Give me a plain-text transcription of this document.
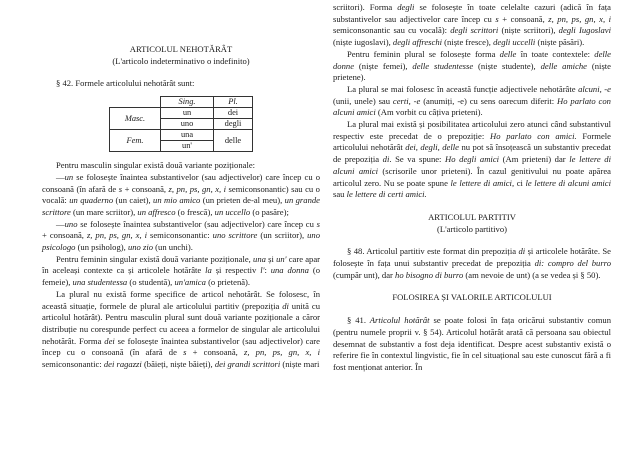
ARTICOLUL NEHOTĂRÂT

(L'articolo indeterminativo o indefinito)

§ 42. Formele articolului nehotărât sunt:

	Sing.	Pl.
Masc.	un	dei
	uno	degli
Fem.	una	delle
	un'	

Pentru masculin singular există două variante poziționale:

—un se folosește înaintea substantivelor (sau adjectivelor) care încep cu o consoană (în afară de s + consoană, z, pn, ps, gn, x, i semiconsonantic) sau cu o vocală: un quaderno (un caiet), un mio amico (un prieten de-al meu), un grande scrittore (un mare scriitor), un affresco (o frescă), un uccello (o pasăre);

—uno se folosește înaintea substantivelor (sau adjectivelor) care încep cu s + consoană, z, pn, ps, gn, x, i semiconsonantic: uno scrittore (un scriitor), uno psicologo (un psiholog), uno zio (un unchi).

Pentru feminin singular există două variante poziționale, una și un' care apar în aceleași contexte ca și articolele hotărâte la și respectiv l': una donna (o femeie), una studentessa (o studentă), un'amica (o prietenă).

La plural nu există forme specifice de articol nehotărât. Se folosesc, în această situație, formele de plural ale articolului partitiv (prepoziția di unită cu articolul hotărât). Pentru masculin plural sunt două variante poziționale a căror distribuție nu corespunde perfect cu aceea a formelor de singular ale articolului nehotărât. Forma dei se folosește înaintea substantivelor (sau adjectivelor) care încep cu o consoană (în afară de s + consoană, z, pn, ps, gn, x, i semiconsonantic: dei ragazzi (băieți, niște băieți), dei grandi scrittori (niște mari

scriitori). Forma degli se folosește în toate celelalte cazuri (adică în fața substantivelor sau adjectivelor care încep cu s + consoană, z, pn, ps, gn, x, i semiconsonantic sau cu vocală): degli scrittori (niște scriitori), degli Iugoslavi (niște iugoslavi), degli affreschi (niște fresce), degli uccelli (niște păsări).

Pentru feminin plural se folosește forma delle în toate contextele: delle donne (niște femei), delle studentesse (niște studente), delle amiche (niște prietene).

La plural se mai folosesc în această funcție adjectivele nehotărâte alcuni, -e (unii, unele) sau certi, -e (anumiți, -e) cu sens oarecum diferit: Ho parlato con alcuni amici (Am vorbit cu câțiva prieteni).

La plural mai există și posibilitatea articolului zero atunci când substantivul respectiv este precedat de o prepoziție: Ho parlato con amici. Formele articolului nehotărât dei, degli, delle nu pot să însoțească un substantiv precedat de prepoziția di. Se va spune: Ho degli amici (Am prieteni) dar le lettere di alcuni amici (scrisorile unor prieteni). În cazul genitivului nu poate apărea articolul zero. Nu se poate spune le lettere di amici, ci le lettere di alcuni amici sau le lettere di certi amici.

ARTICOLUL PARTITIV

(L'articolo partitivo)

§ 48. Articolul partitiv este format din prepoziția di și articolele hotărâte. Se folosește în fața unui substantiv precedat de prepoziția di: compro del burro (cumpăr unt), dar ho bisogno di burro (am nevoie de unt) (a se vedea și § 50).

FOLOSIREA ȘI VALORILE ARTICOLULUI

§ 41. Articolul hotărât se poate folosi în fața oricărui substantiv comun (pentru numele proprii v. § 54). Articolul hotărât arată că persoana sau obiectul desemnat de substantiv a fost deja identificat. Despre acest substantiv există o referire fie în contextul lingvistic, fie în cel situațional sau este cunoscut fără a fi fost menționat anterior. În
